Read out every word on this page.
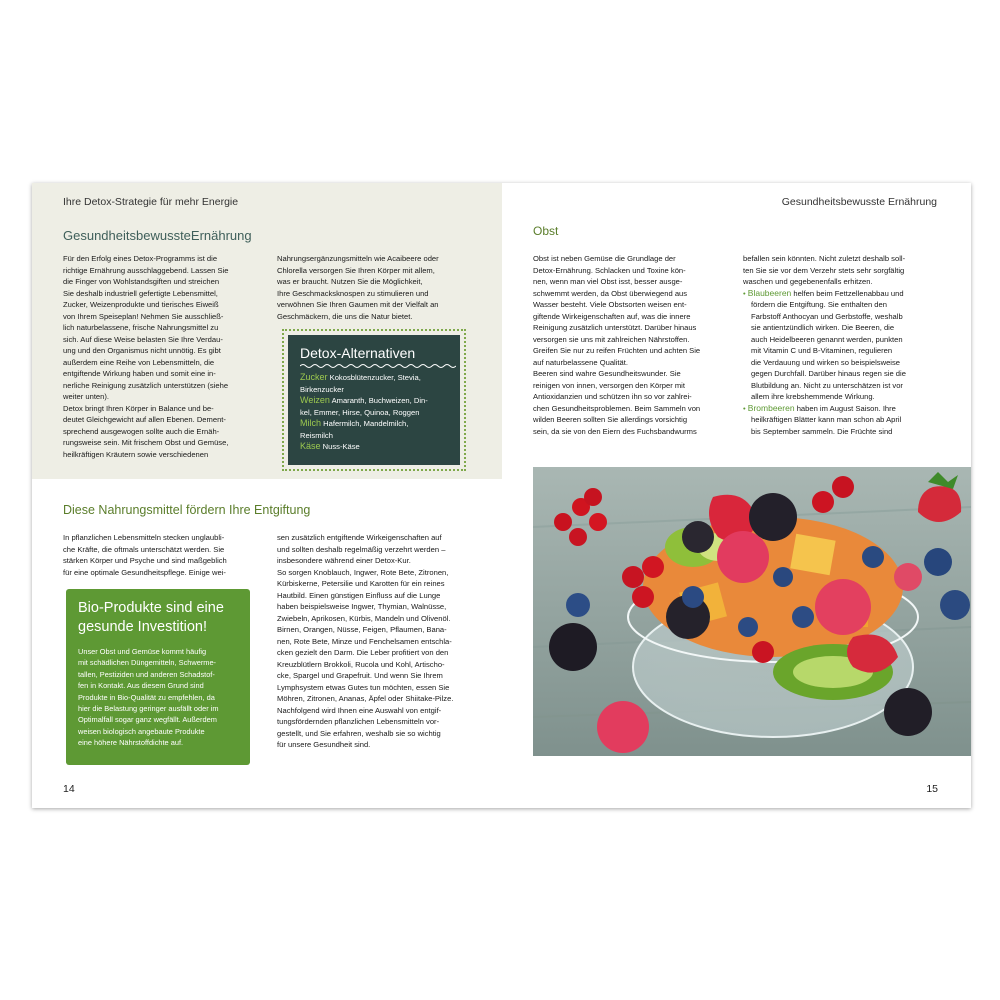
Ihre Detox-Strategie für mehr Energie
GesundheitsbewussteErnährung

Für den Erfolg eines Detox-Programms ist die

richtige Ernährung ausschlaggebend. Lassen Sie

die Finger von Wohlstandsgiften und streichen

Sie deshalb industriell gefertigte Lebensmittel,

Zucker, Weizenprodukte und tierisches Eiweiß

von Ihrem Speiseplan! Nehmen Sie ausschließ-

lich naturbelassene, frische Nahrungsmittel zu

sich. Auf diese Weise belasten Sie Ihre Verdau-

ung und den Organismus nicht unnötig. Es gibt

außerdem eine Reihe von Lebensmitteln, die

entgiftende Wirkung haben und somit eine in-

nerliche Reinigung zusätzlich unterstützen (siehe

weiter unten).

Detox bringt Ihren Körper in Balance und be-

deutet Gleichgewicht auf allen Ebenen. Dement-

sprechend ausgewogen sollte auch die Ernäh-

rungsweise sein. Mit frischem Obst und Gemüse,

heilkräftigen Kräutern sowie verschiedenen

Nahrungsergänzungsmitteln wie Acaibeere oder

Chlorella versorgen Sie Ihren Körper mit allem,

was er braucht. Nutzen Sie die Möglichkeit,

Ihre Geschmacksknospen zu stimulieren und

verwöhnen Sie Ihren Gaumen mit der Vielfalt an

Geschmäckern, die uns die Natur bietet.

Detox-Alternativen
Zucker Kokosblütenzucker, Stevia,
Birkenzucker
Weizen Amaranth, Buchweizen, Din-
kel, Emmer, Hirse, Quinoa, Roggen
Milch Hafermilch, Mandelmilch,
Reismilch
Käse Nuss-Käse
Diese Nahrungsmittel fördern Ihre Entgiftung

In pflanzlichen Lebensmitteln stecken unglaubli-

che Kräfte, die oftmals unterschätzt werden. Sie

stärken Körper und Psyche und sind maßgeblich

für eine optimale Gesundheitspflege. Einige wei-

Bio-Produkte sind eine
gesunde Investition!
Unser Obst und Gemüse kommt häufig
mit schädlichen Düngemitteln, Schwerme-
tallen, Pestiziden und anderen Schadstof-
fen in Kontakt. Aus diesem Grund sind
Produkte in Bio-Qualität zu empfehlen, da
hier die Belastung geringer ausfällt oder im
Optimalfall sogar ganz wegfällt. Außerdem
weisen biologisch angebaute Produkte
eine höhere Nährstoffdichte auf.

sen zusätzlich entgiftende Wirkeigenschaften auf

und sollten deshalb regelmäßig verzehrt werden –

insbesondere während einer Detox-Kur.

So sorgen Knoblauch, Ingwer, Rote Bete, Zitronen,

Kürbiskerne, Petersilie und Karotten für ein reines

Hautbild. Einen günstigen Einfluss auf die Lunge

haben beispielsweise Ingwer, Thymian, Walnüsse,

Zwiebeln, Aprikosen, Kürbis, Mandeln und Olivenöl.

Birnen, Orangen, Nüsse, Feigen, Pflaumen, Bana-

nen, Rote Bete, Minze und Fenchelsamen entschla-

cken gezielt den Darm. Die Leber profitiert von den

Kreuzblütlern Brokkoli, Rucola und Kohl, Artischo-

cke, Spargel und Grapefruit. Und wenn Sie Ihrem

Lymphsystem etwas Gutes tun möchten, essen Sie

Möhren, Zitronen, Ananas, Äpfel oder Shiitake-Pilze.

Nachfolgend wird Ihnen eine Auswahl von entgif-

tungsfördernden pflanzlichen Lebensmitteln vor-

gestellt, und Sie erfahren, weshalb sie so wichtig

für unsere Gesundheit sind.

14
Gesundheitsbewusste Ernährung
Obst

Obst ist neben Gemüse die Grundlage der

Detox-Ernährung. Schlacken und Toxine kön-

nen, wenn man viel Obst isst, besser ausge-

schwemmt werden, da Obst überwiegend aus

Wasser besteht. Viele Obstsorten weisen ent-

giftende Wirkeigenschaften auf, was die innere

Reinigung zusätzlich unterstützt. Darüber hinaus

versorgen sie uns mit zahlreichen Nährstoffen.

Greifen Sie nur zu reifen Früchten und achten Sie

auf naturbelassene Qualität.

Beeren sind wahre Gesundheitswunder. Sie

reinigen von innen, versorgen den Körper mit

Antioxidanzien und schützen ihn so vor zahlrei-

chen Gesundheitsproblemen. Beim Sammeln von

wilden Beeren sollten Sie allerdings vorsichtig

sein, da sie von den Eiern des Fuchsbandwurms

befallen sein könnten. Nicht zuletzt deshalb soll-

ten Sie sie vor dem Verzehr stets sehr sorgfältig

waschen und gegebenenfalls erhitzen.

• Blaubeeren helfen beim Fettzellenabbau und

fördern die Entgiftung. Sie enthalten den

Farbstoff Anthocyan und Gerbstoffe, weshalb

sie antientzündlich wirken. Die Beeren, die

auch Heidelbeeren genannt werden, punkten

mit Vitamin C und B-Vitaminen, regulieren

die Verdauung und wirken so beispielsweise

gegen Durchfall. Darüber hinaus regen sie die

Blutbildung an. Nicht zu unterschätzen ist vor

allem ihre krebshemmende Wirkung.

• Brombeeren haben im August Saison. Ihre

heilkräftigen Blätter kann man schon ab April

bis September sammeln. Die Früchte sind

15
